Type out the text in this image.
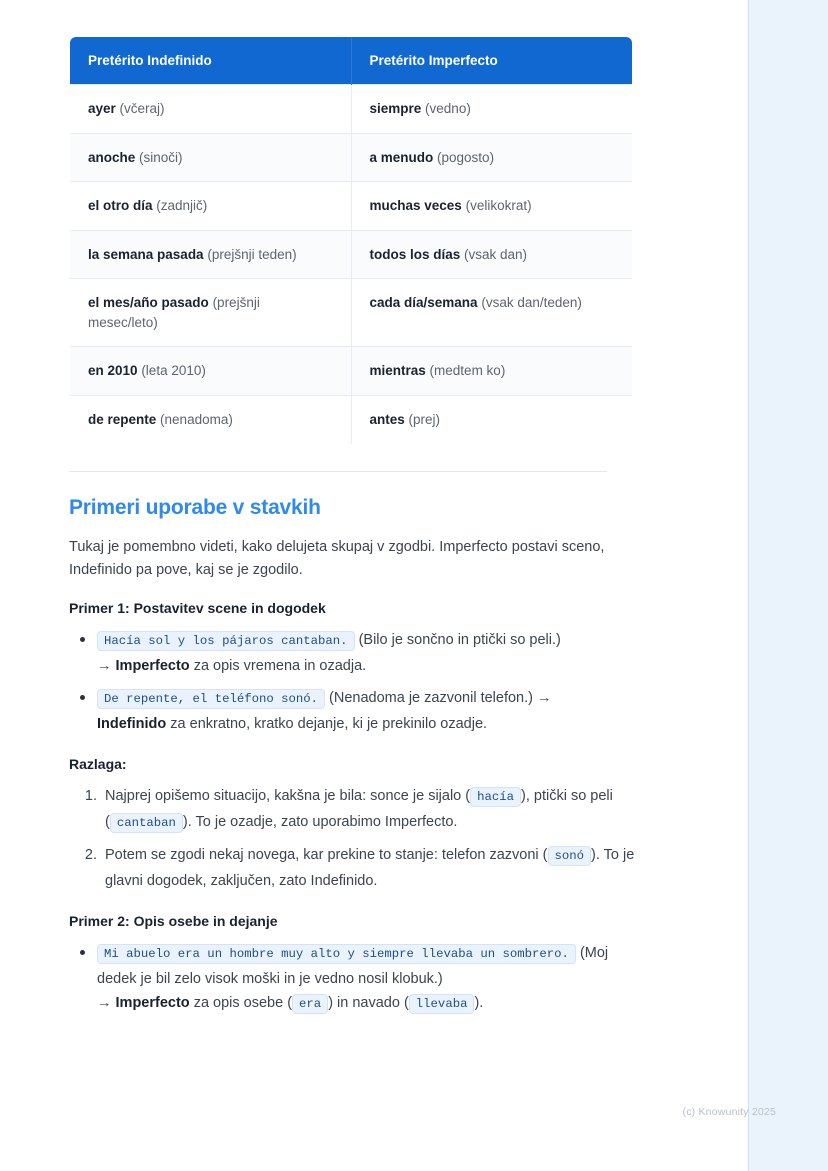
Pretérito Indefinido	Pretérito Imperfecto
ayer (včeraj)	siempre (vedno)
anoche (sinoči)	a menudo (pogosto)
el otro día (zadnjič)	muchas veces (velikokrat)
la semana pasada (prejšnji teden)	todos los días (vsak dan)
el mes/año pasado (prejšnji mesec/leto)	cada día/semana (vsak dan/teden)
en 2010 (leta 2010)	mientras (medtem ko)
de repente (nenadoma)	antes (prej)
Primeri uporabe v stavkih

Tukaj je pomembno videti, kako delujeta skupaj v zgodbi. Imperfecto postavi sceno, Indefinido pa pove, kaj se je zgodilo.

Primer 1: Postavitev scene in dogodek
Hacía sol y los pájaros cantaban. (Bilo je sončno in ptički so peli.)
→ Imperfecto za opis vremena in ozadja.
De repente, el teléfono sonó. (Nenadoma je zazvonil telefon.) →
Indefinido za enkratno, kratko dejanje, ki je prekinilo ozadje.
Razlaga:
1. Najprej opišemo situacijo, kakšna je bila: sonce je sijalo ( hacía ), ptički so peli ( cantaban ). To je ozadje, zato uporabimo Imperfecto.
2. Potem se zgodi nekaj novega, kar prekine to stanje: telefon zazvoni ( sonó ). To je glavni dogodek, zaključen, zato Indefinido.
Primer 2: Opis osebe in dejanje
Mi abuelo era un hombre muy alto y siempre llevaba un sombrero. (Moj dedek je bil zelo visok moški in je vedno nosil klobuk.)
→ Imperfecto za opis osebe ( era ) in navado ( llevaba ).
(c) Knowunity 2025
